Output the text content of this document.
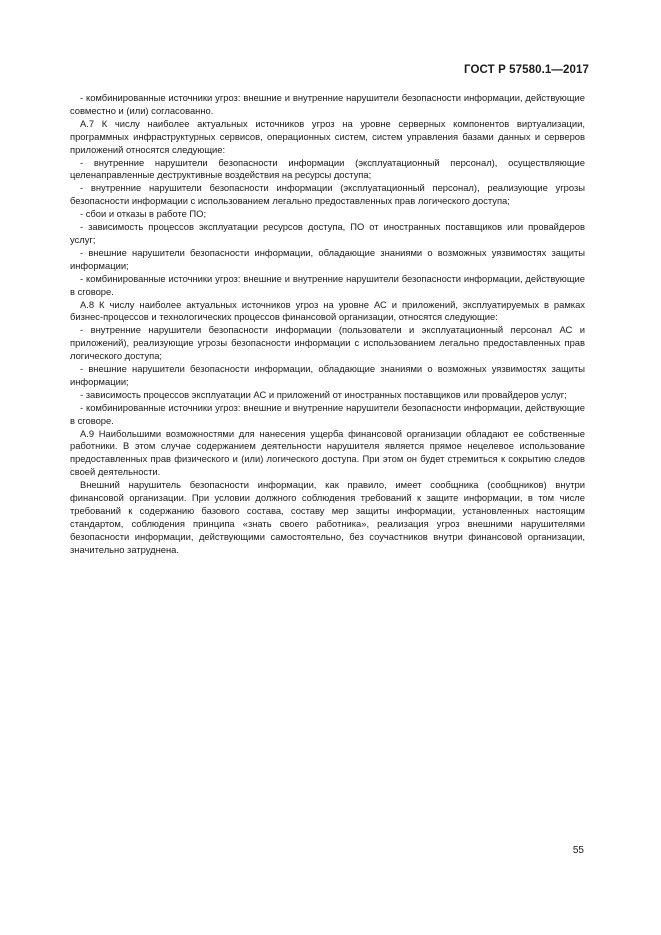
ГОСТ Р 57580.1—2017

- комбинированные источники угроз: внешние и внутренние нарушители безопасности информации, действующие совместно и (или) согласованно.

А.7 К числу наиболее актуальных источников угроз на уровне серверных компонентов виртуализации, программных инфраструктурных сервисов, операционных систем, систем управления базами данных и серверов приложений относятся следующие:

- внутренние нарушители безопасности информации (эксплуатационный персонал), осуществляющие целенаправленные деструктивные воздействия на ресурсы доступа;

- внутренние нарушители безопасности информации (эксплуатационный персонал), реализующие угрозы безопасности информации с использованием легально предоставленных прав логического доступа;

- сбои и отказы в работе ПО;

- зависимость процессов эксплуатации ресурсов доступа, ПО от иностранных поставщиков или провайдеров услуг;

- внешние нарушители безопасности информации, обладающие знаниями о возможных уязвимостях защиты информации;

- комбинированные источники угроз: внешние и внутренние нарушители безопасности информации, действующие в сговоре.

А.8 К числу наиболее актуальных источников угроз на уровне АС и приложений, эксплуатируемых в рамках бизнес-процессов и технологических процессов финансовой организации, относятся следующие:

- внутренние нарушители безопасности информации (пользователи и эксплуатационный персонал АС и приложений), реализующие угрозы безопасности информации с использованием легально предоставленных прав логического доступа;

- внешние нарушители безопасности информации, обладающие знаниями о возможных уязвимостях защиты информации;

- зависимость процессов эксплуатации АС и приложений от иностранных поставщиков или провайдеров услуг;

- комбинированные источники угроз: внешние и внутренние нарушители безопасности информации, действующие в сговоре.

А.9 Наибольшими возможностями для нанесения ущерба финансовой организации обладают ее собственные работники. В этом случае содержанием деятельности нарушителя является прямое нецелевое использование предоставленных прав физического и (или) логического доступа. При этом он будет стремиться к сокрытию следов своей деятельности.

Внешний нарушитель безопасности информации, как правило, имеет сообщника (сообщников) внутри финансовой организации. При условии должного соблюдения требований к защите информации, в том числе требований к содержанию базового состава, составу мер защиты информации, установленных настоящим стандартом, соблюдения принципа «знать своего работника», реализация угроз внешними нарушителями безопасности информации, действующими самостоятельно, без соучастников внутри финансовой организации, значительно затруднена.

55
